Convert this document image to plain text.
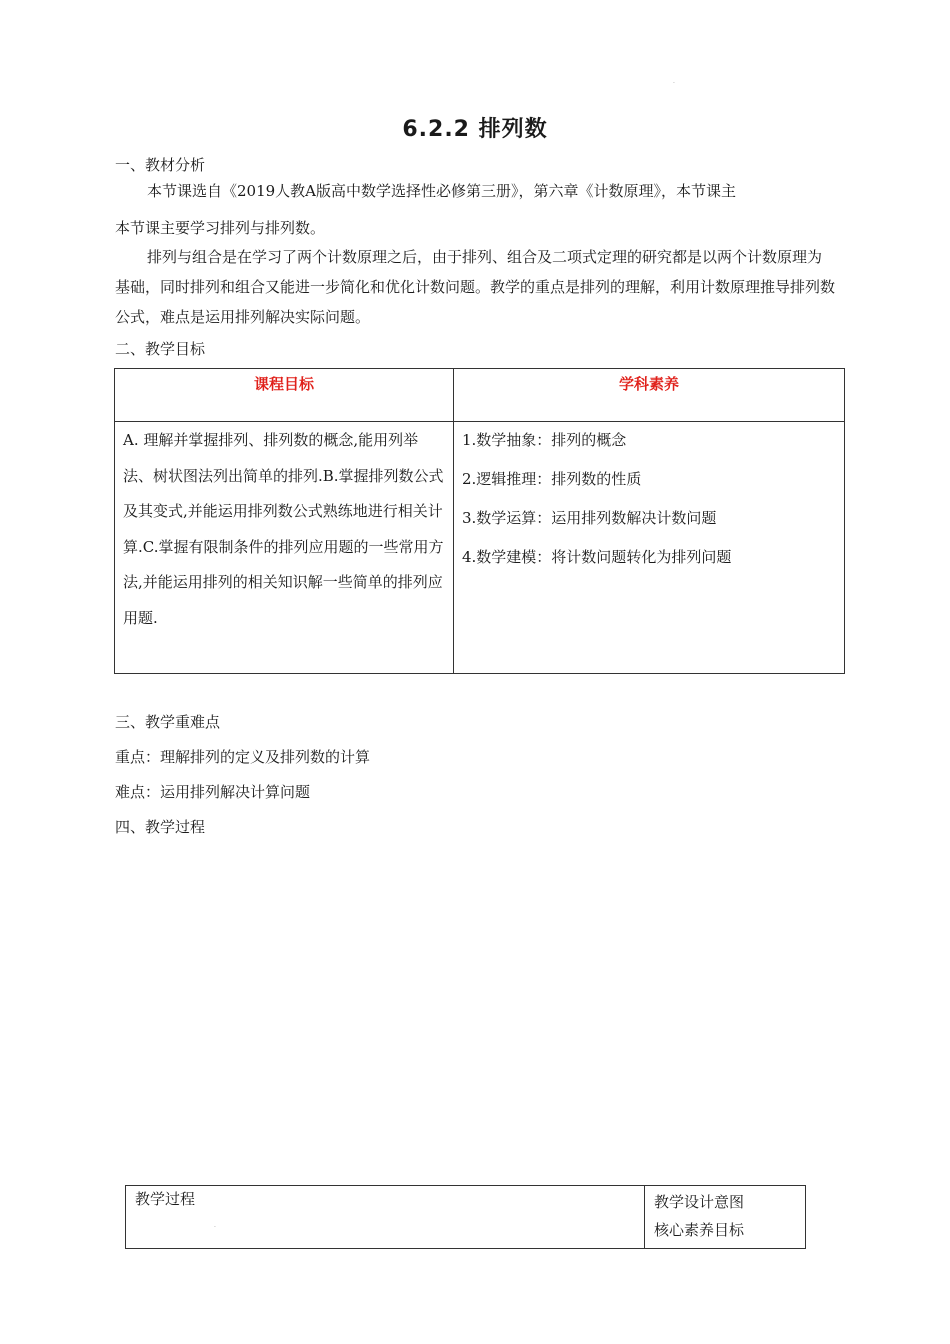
.
6.2.2 排列数
一、教材分析
本节课选自《2019人教A版高中数学选择性必修第三册》，第六章《计数原理》，本节课主
本节课主要学习排列与排列数。
排列与组合是在学习了两个计数原理之后，由于排列、组合及二项式定理的研究都是以两个计数原理为基础，同时排列和组合又能进一步简化和优化计数问题。教学的重点是排列的理解，利用计数原理推导排列数公式，难点是运用排列解决实际问题。
二、教学目标
课程目标	学科素养

A. 理解并掌握排列、排列数的概念,能用列举法、树状图法列出简单的排列.B.掌握排列数公式及其变式,并能运用排列数公式熟练地进行相关计算.C.掌握有限制条件的排列应用题的一些常用方法,并能运用排列的相关知识解一些简单的排列应用题.	1.数学抽象：排列的概念
2.逻辑推理：排列数的性质
3.数学运算：运用排列数解决计数问题
4.数学建模：将计数问题转化为排列问题
三、教学重难点
重点：理解排列的定义及排列数的计算
难点：运用排列解决计算问题
四、教学过程
教学过程	教学设计意图
核心素养目标
.
